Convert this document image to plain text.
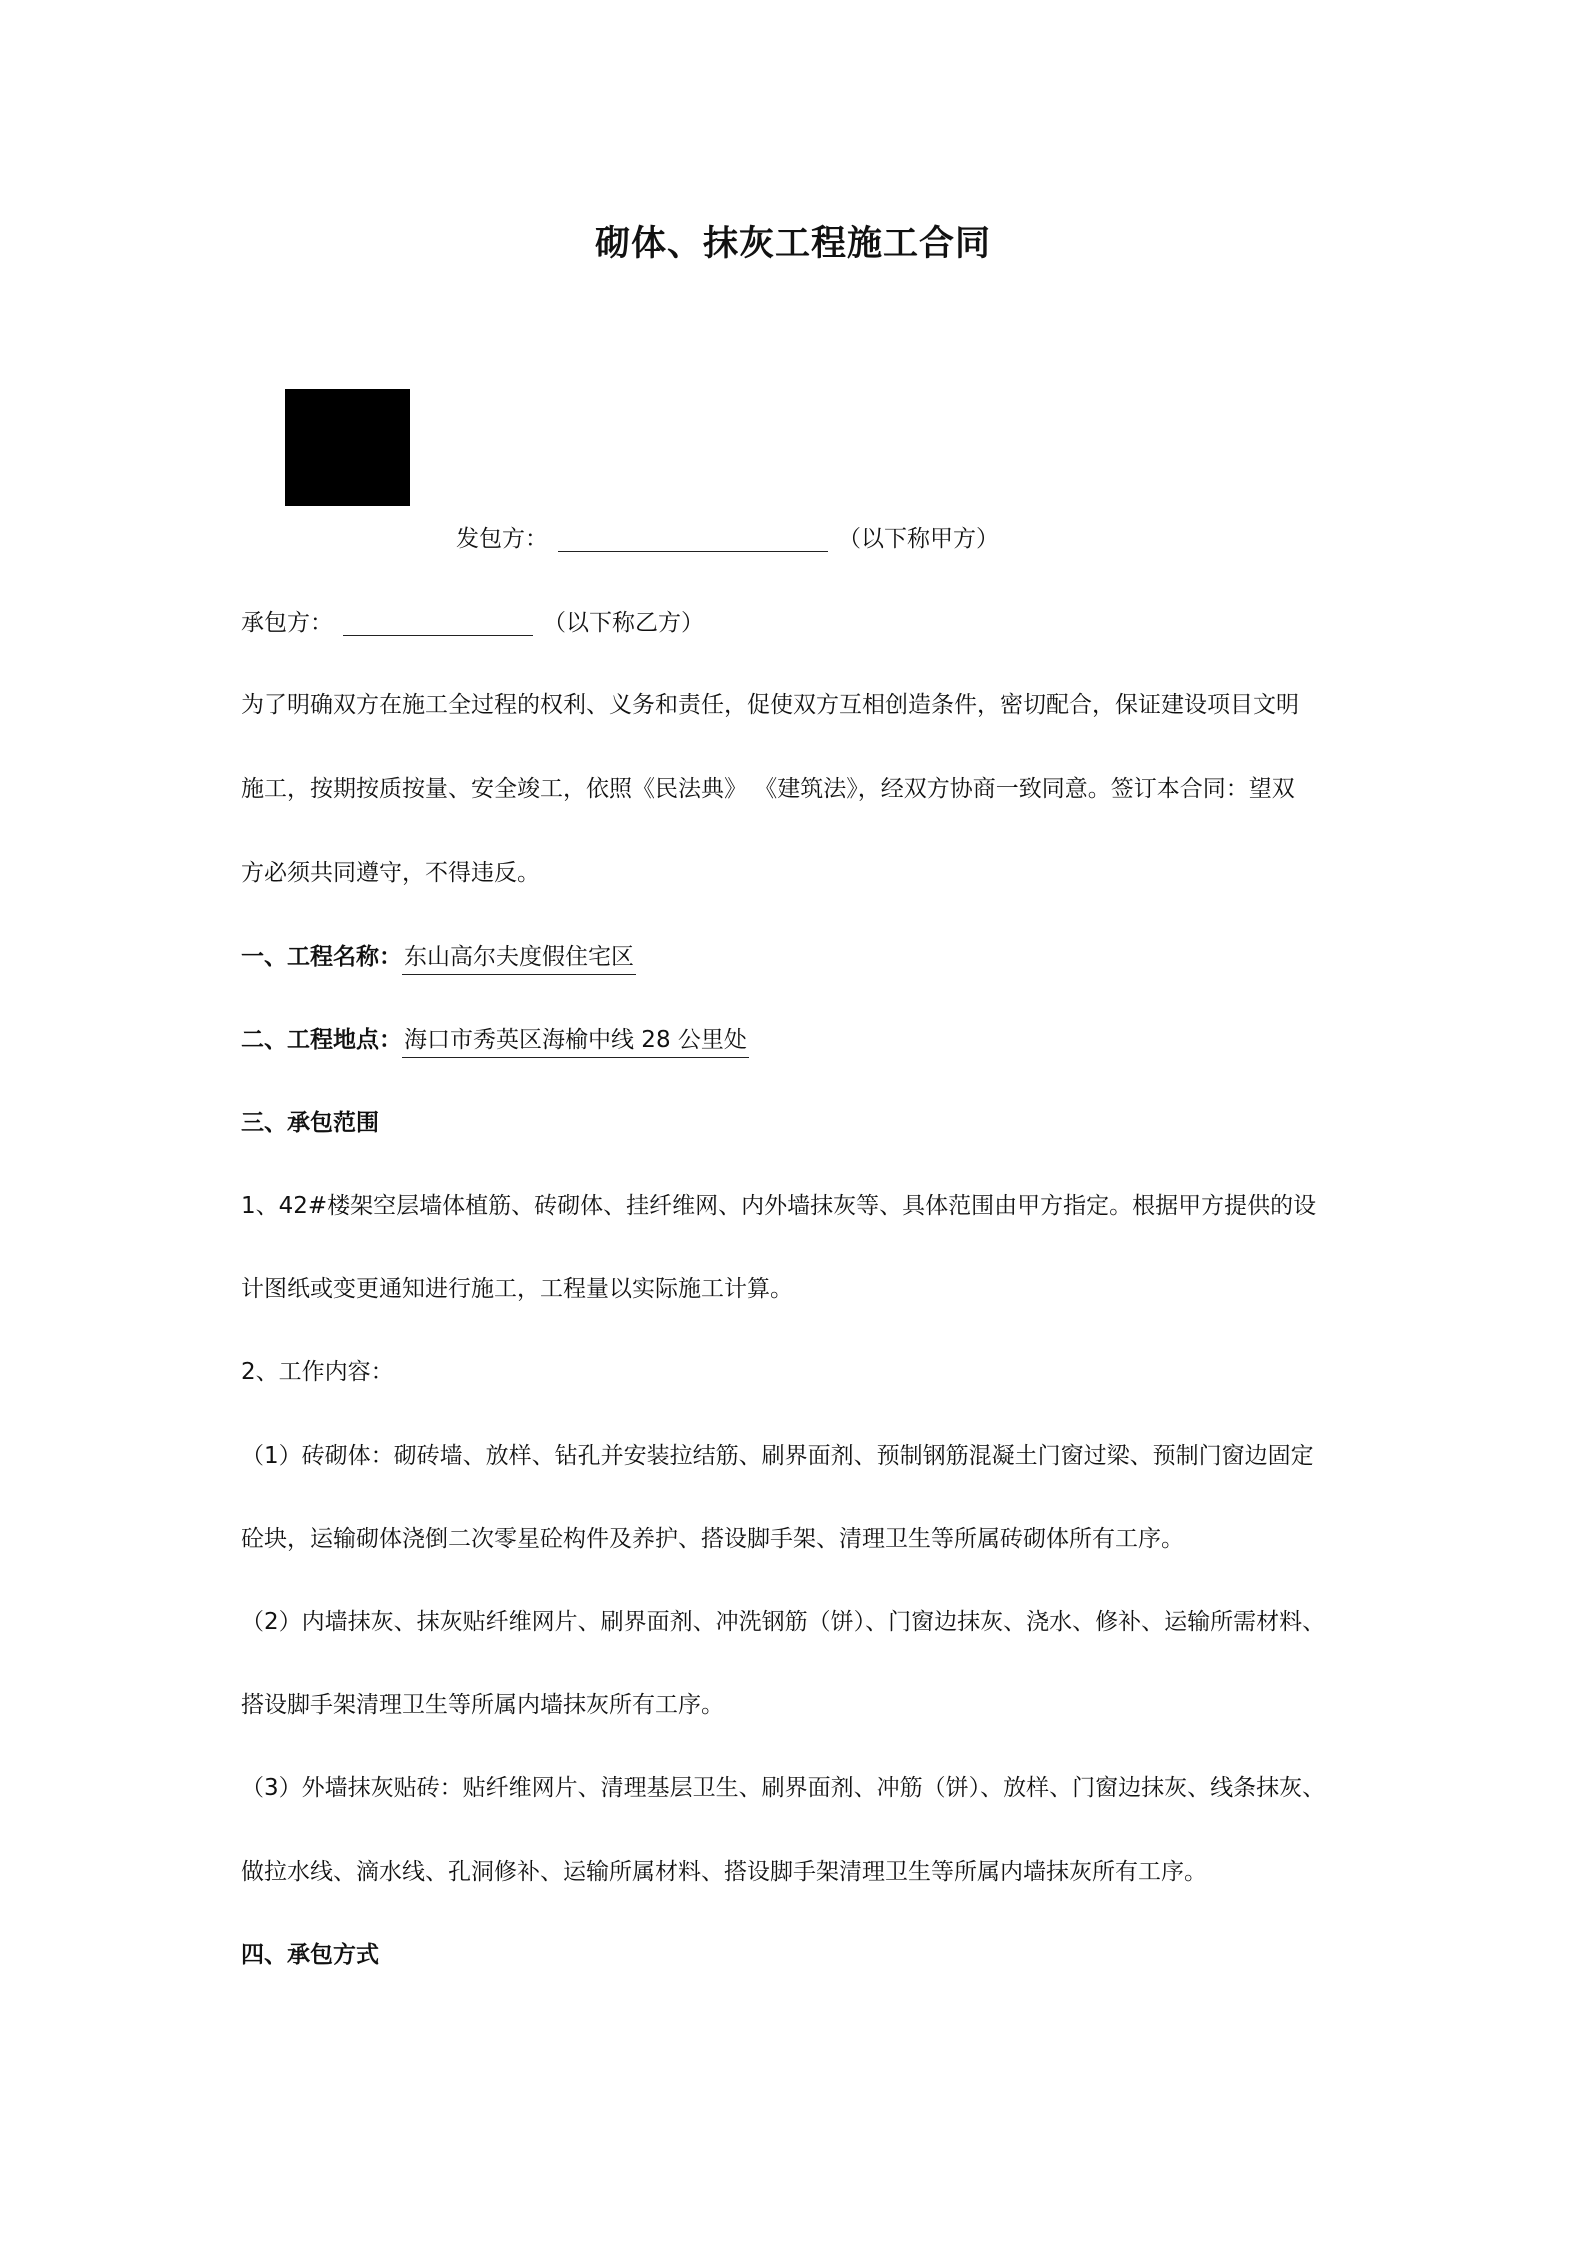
砌体、抹灰工程施工合同
发包方：	（以下称甲方）
承包方：	（以下称乙方）
为了明确双方在施工全过程的权利、义务和责任，促使双方互相创造条件，密切配合，保证建设项目文明
施工，按期按质按量、安全竣工，依照《民法典》 《建筑法》，经双方协商一致同意。签订本合同：望双
方必须共同遵守，不得违反。
一、工程名称：东山高尔夫度假住宅区
二、工程地点：海口市秀英区海榆中线 28 公里处
三、承包范围
1、42#楼架空层墙体植筋、砖砌体、挂纤维网、内外墙抹灰等、具体范围由甲方指定。根据甲方提供的设
计图纸或变更通知进行施工，工程量以实际施工计算。
2、工作内容：
（1）砖砌体：砌砖墙、放样、钻孔并安装拉结筋、刷界面剂、预制钢筋混凝土门窗过梁、预制门窗边固定
砼块，运输砌体浇倒二次零星砼构件及养护、搭设脚手架、清理卫生等所属砖砌体所有工序。
（2）内墙抹灰、抹灰贴纤维网片、刷界面剂、冲洗钢筋（饼）、门窗边抹灰、浇水、修补、运输所需材料、
搭设脚手架清理卫生等所属内墙抹灰所有工序。
（3）外墙抹灰贴砖：贴纤维网片、清理基层卫生、刷界面剂、冲筋（饼）、放样、门窗边抹灰、线条抹灰、
做拉水线、滴水线、孔洞修补、运输所属材料、搭设脚手架清理卫生等所属内墙抹灰所有工序。
四、承包方式
